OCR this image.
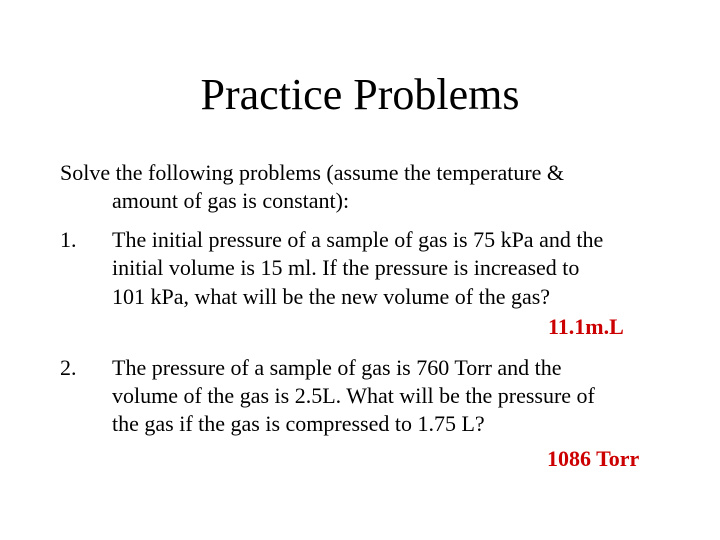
Practice Problems
Solve the following problems (assume the temperature &
amount of gas is constant):
1. The initial pressure of a sample of gas is 75 kPa and the
initial volume is 15 ml. If the pressure is increased to
101 kPa, what will be the new volume of the gas?
11.1m.L
2. The pressure of a sample of gas is 760 Torr and the
volume of the gas is 2.5L. What will be the pressure of
the gas if the gas is compressed to 1.75 L?
1086 Torr
